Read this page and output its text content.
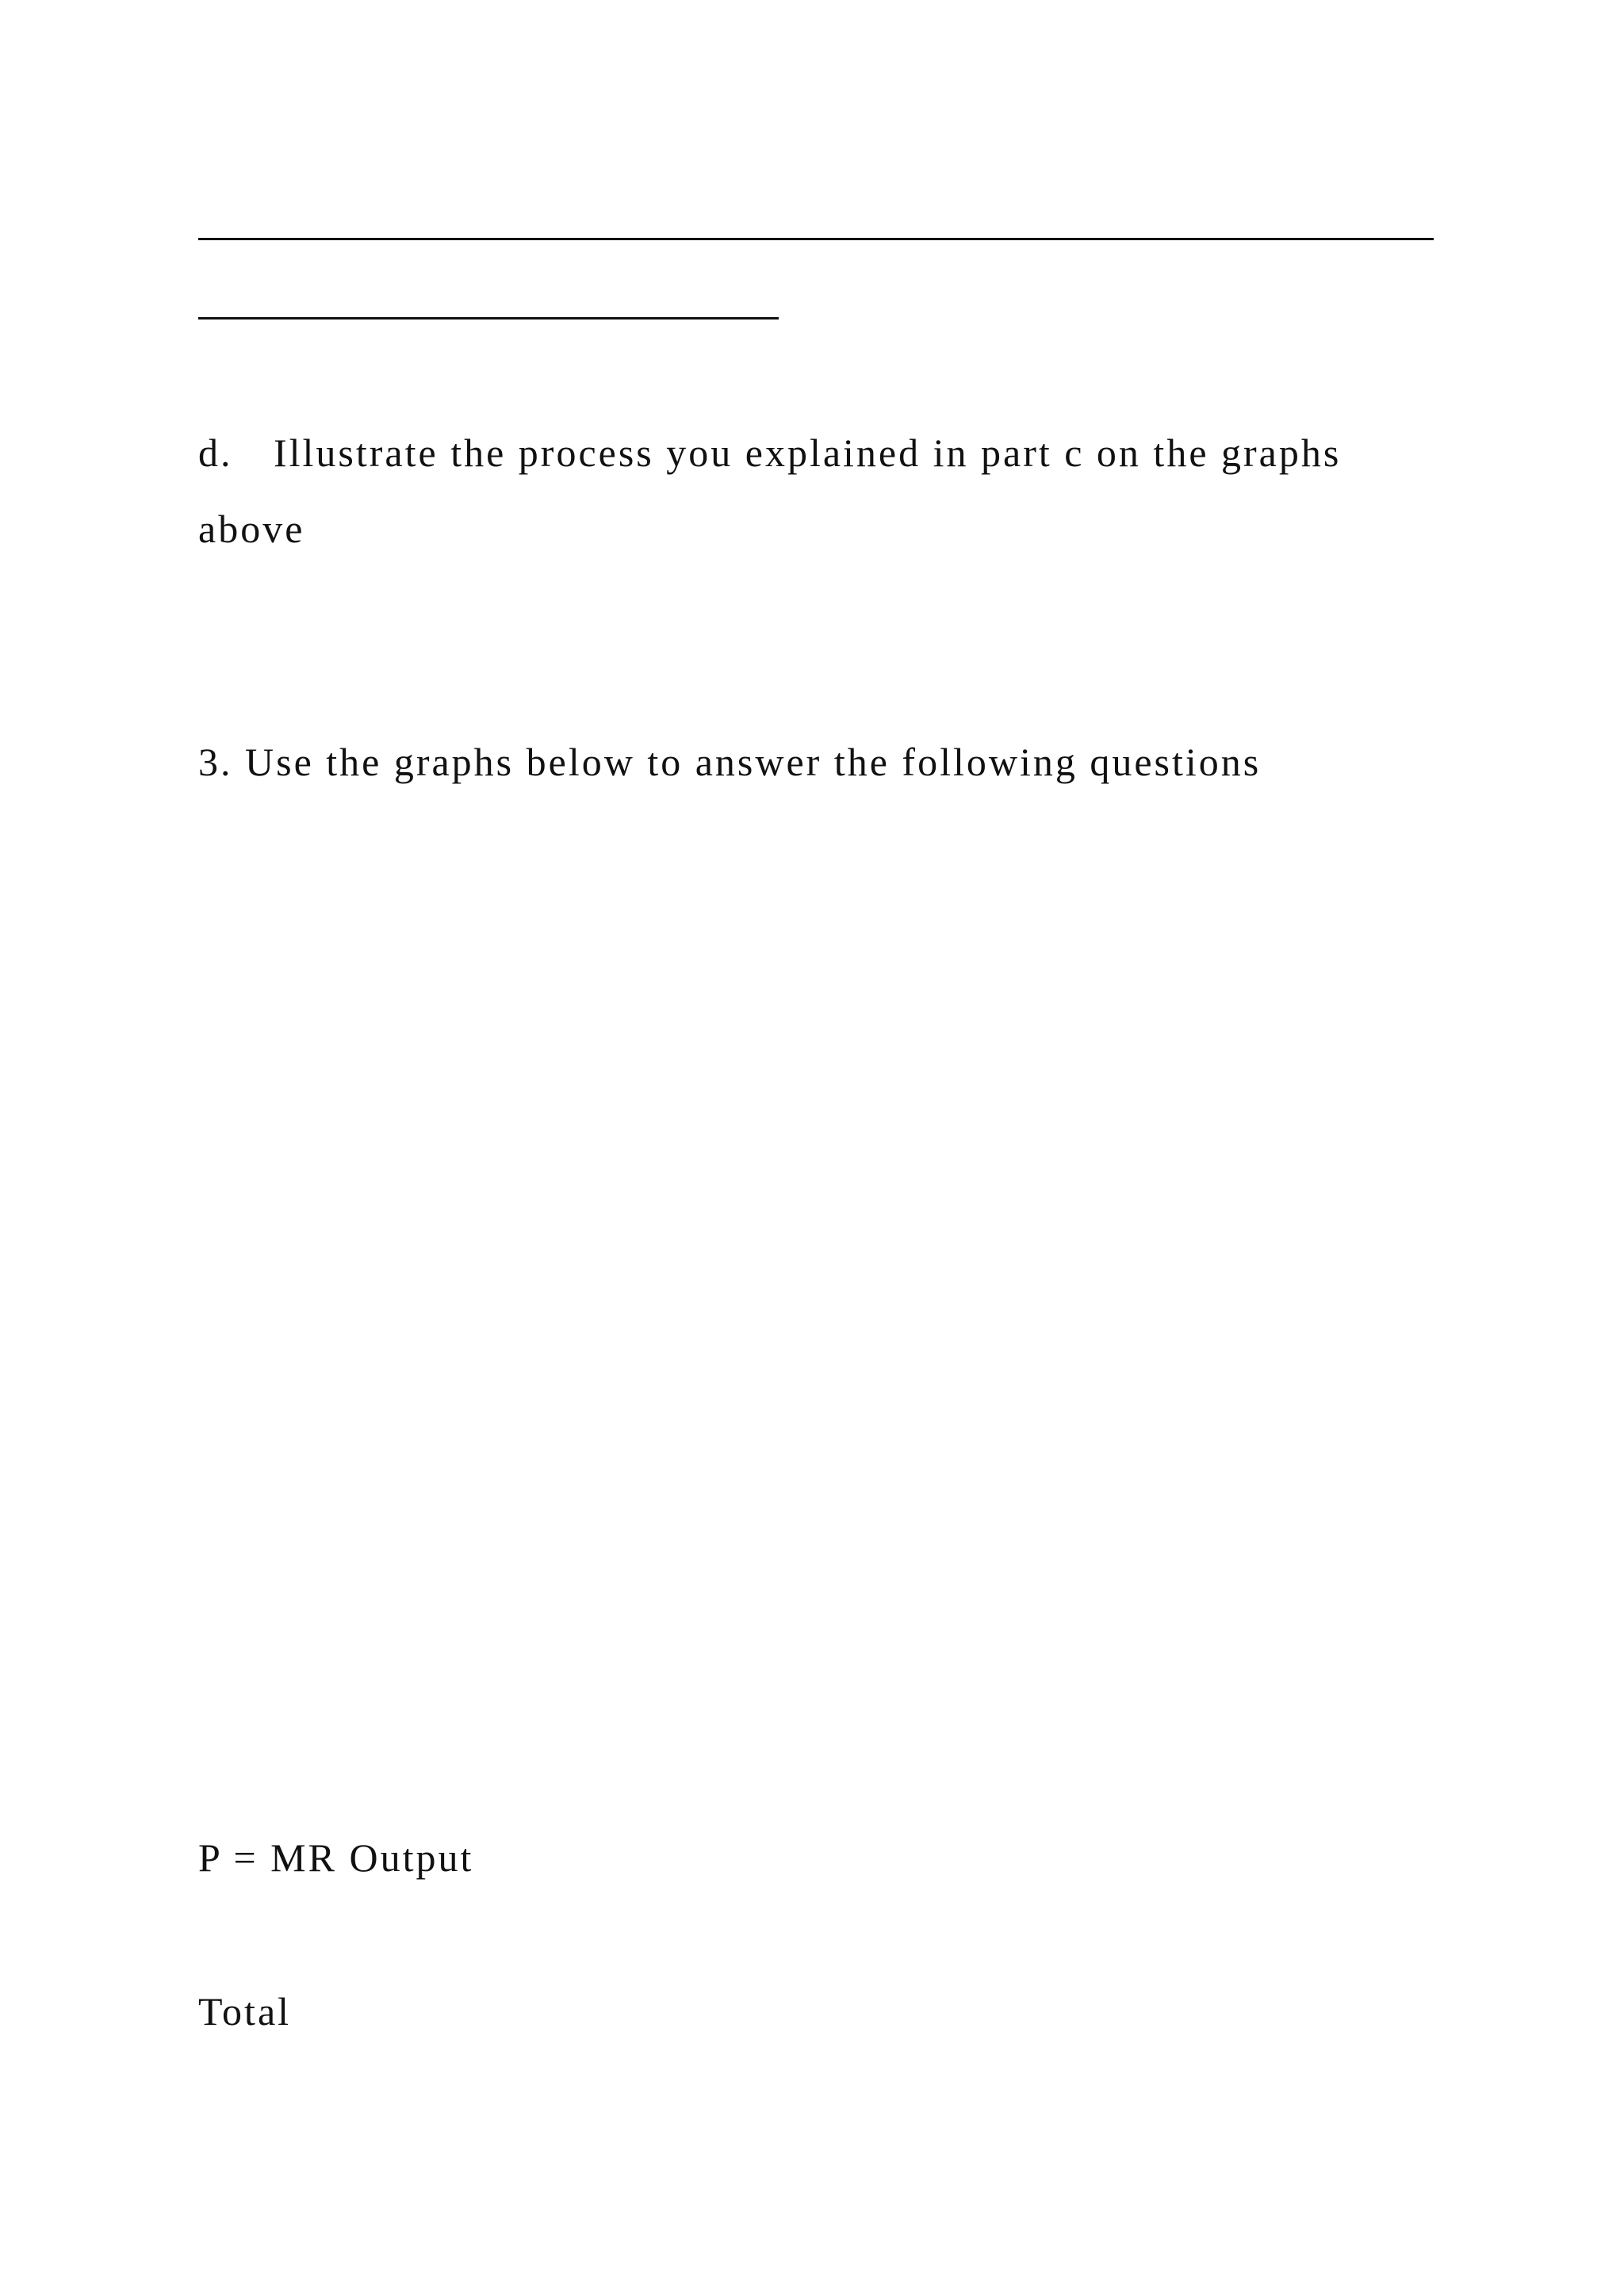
d. Illustrate the process you explained in part c on the graphs
above
3. Use the graphs below to answer the following questions
P = MR Output
Total
